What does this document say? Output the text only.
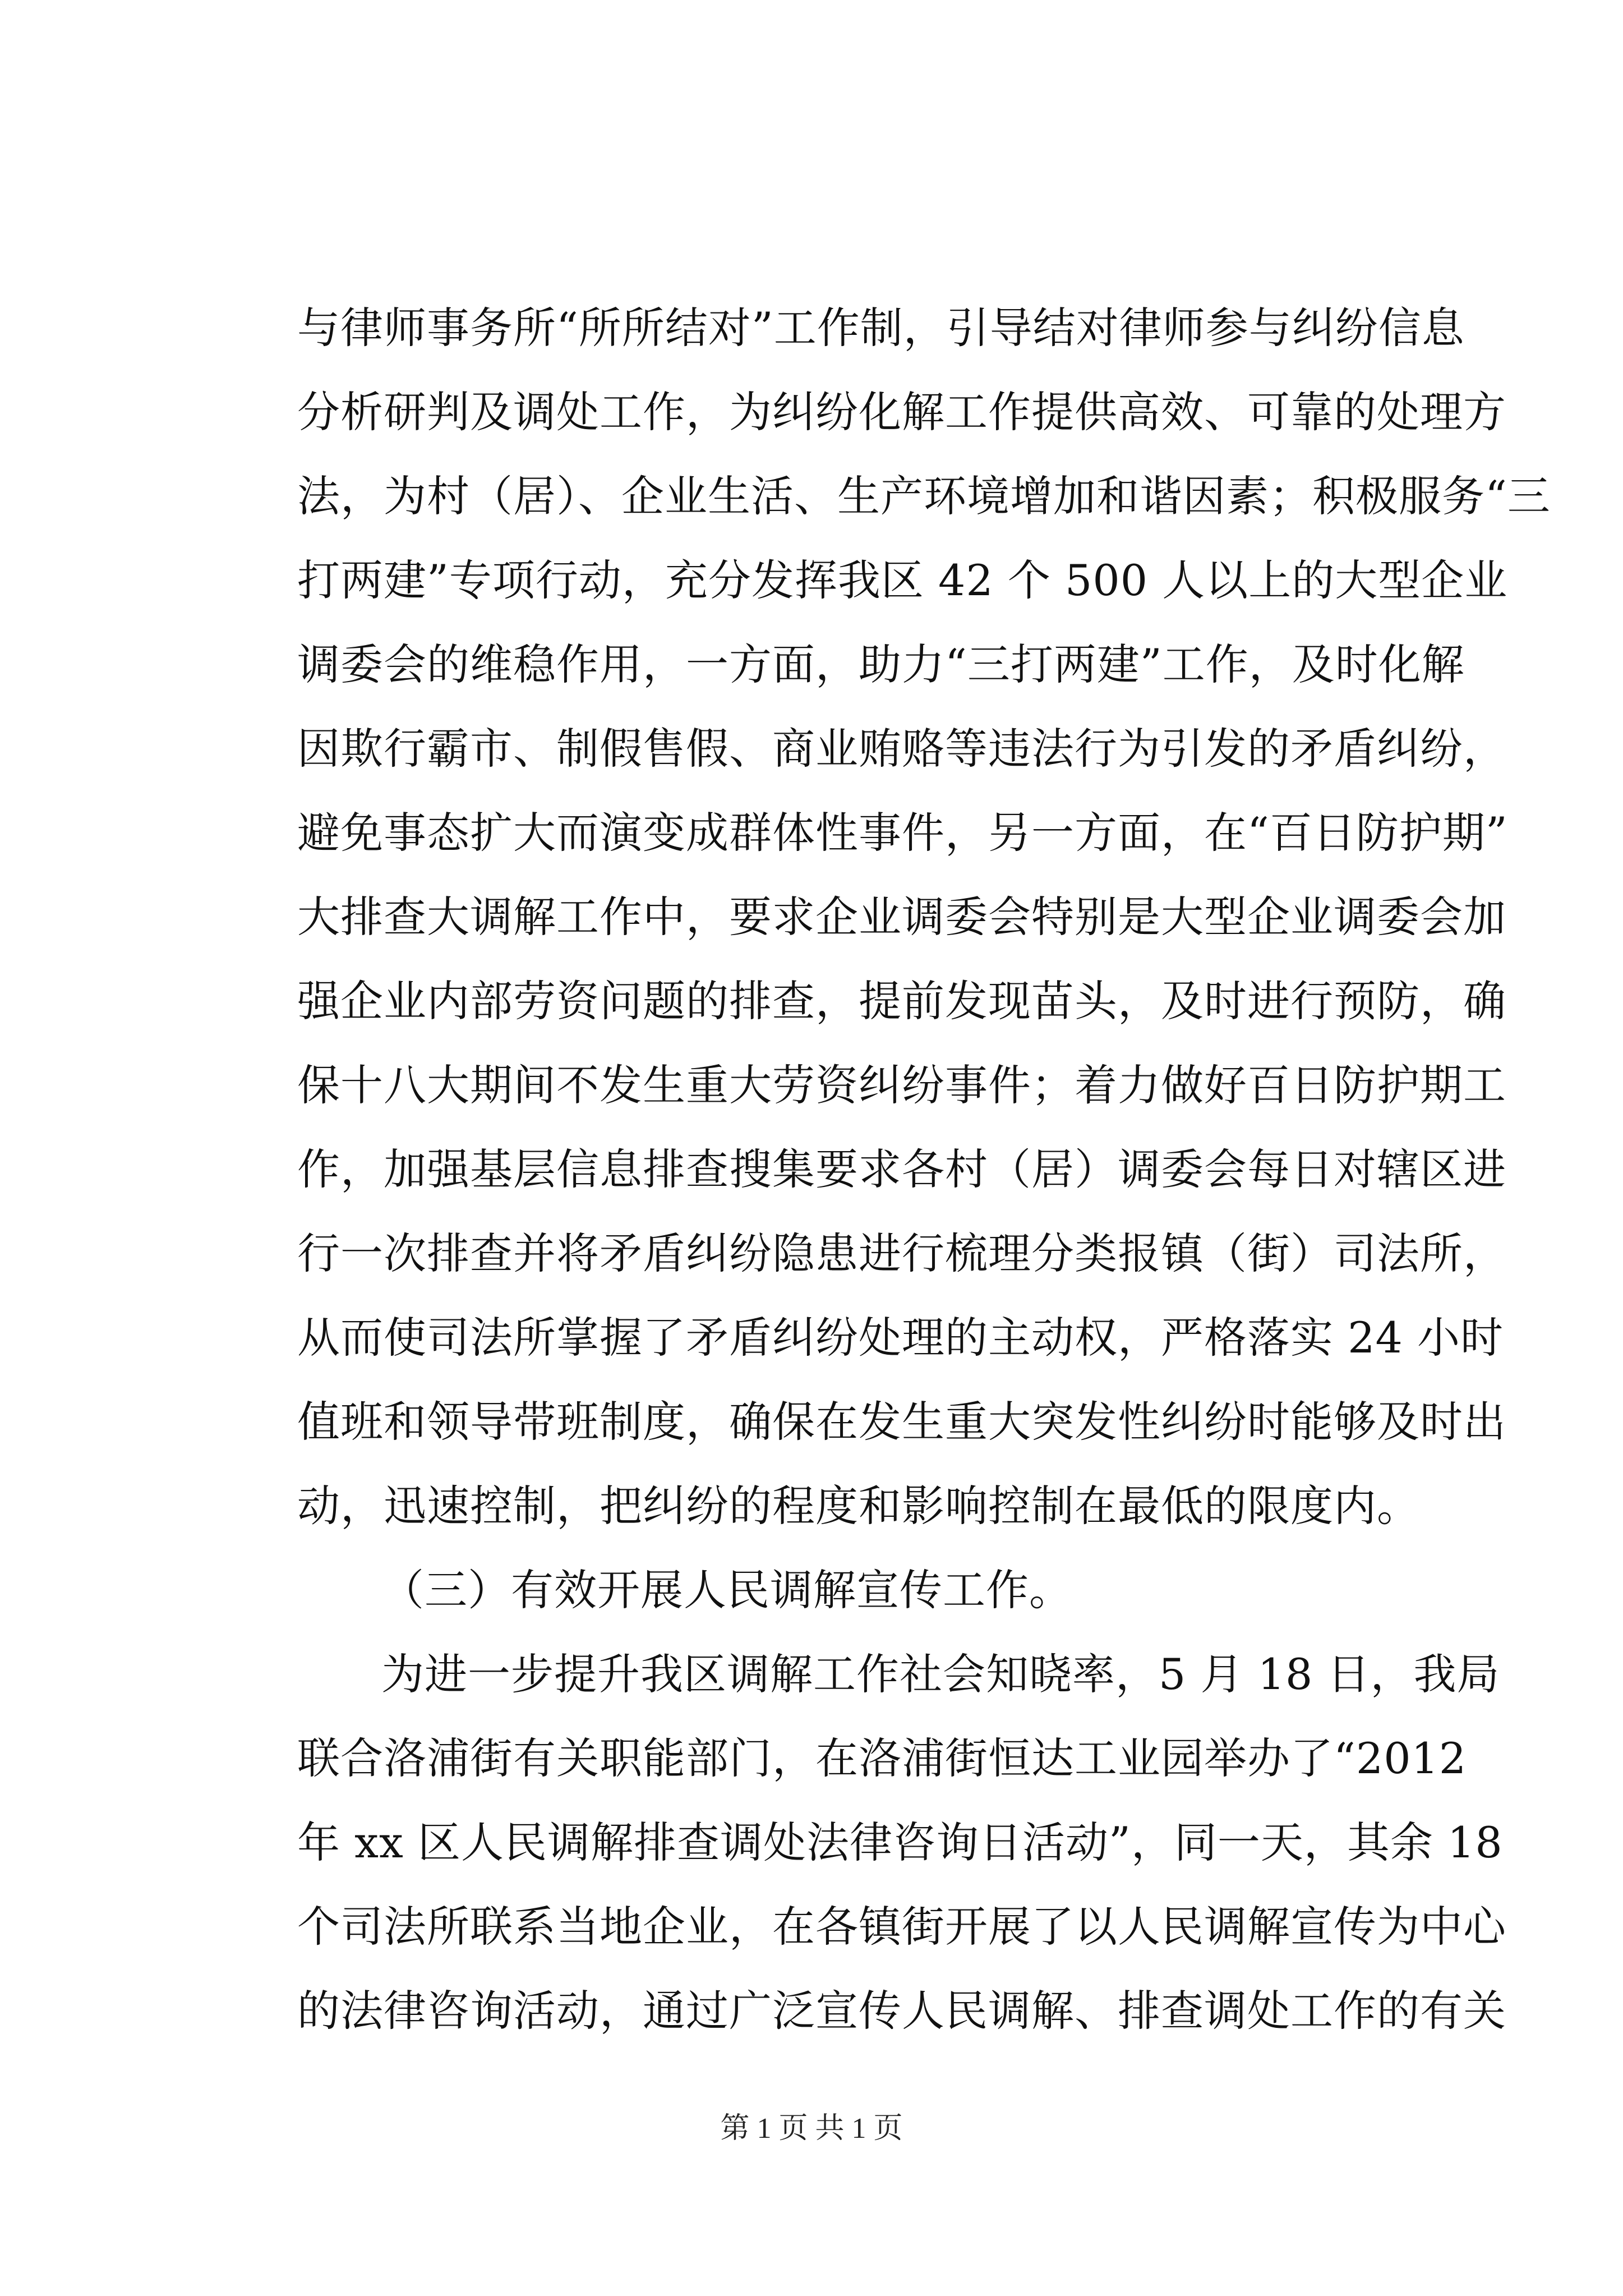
与律师事务所“所所结对”工作制，引导结对律师参与纠纷信息
分析研判及调处工作，为纠纷化解工作提供高效、可靠的处理方
法，为村（居）、企业生活、生产环境增加和谐因素；积极服务“三
打两建”专项行动，充分发挥我区 42 个 500 人以上的大型企业
调委会的维稳作用，一方面，助力“三打两建”工作，及时化解
因欺行霸市、制假售假、商业贿赂等违法行为引发的矛盾纠纷，
避免事态扩大而演变成群体性事件，另一方面，在“百日防护期”
大排查大调解工作中，要求企业调委会特别是大型企业调委会加
强企业内部劳资问题的排查，提前发现苗头，及时进行预防，确
保十八大期间不发生重大劳资纠纷事件；着力做好百日防护期工
作，加强基层信息排查搜集要求各村（居）调委会每日对辖区进
行一次排查并将矛盾纠纷隐患进行梳理分类报镇（街）司法所，
从而使司法所掌握了矛盾纠纷处理的主动权，严格落实 24 小时
值班和领导带班制度，确保在发生重大突发性纠纷时能够及时出
动，迅速控制，把纠纷的程度和影响控制在最低的限度内。
（三）有效开展人民调解宣传工作。
为进一步提升我区调解工作社会知晓率，5 月 18 日，我局
联合洛浦街有关职能部门，在洛浦街恒达工业园举办了“2012
年 xx 区人民调解排查调处法律咨询日活动”，同一天，其余 18
个司法所联系当地企业，在各镇街开展了以人民调解宣传为中心
的法律咨询活动，通过广泛宣传人民调解、排查调处工作的有关
第 1 页 共 1 页
